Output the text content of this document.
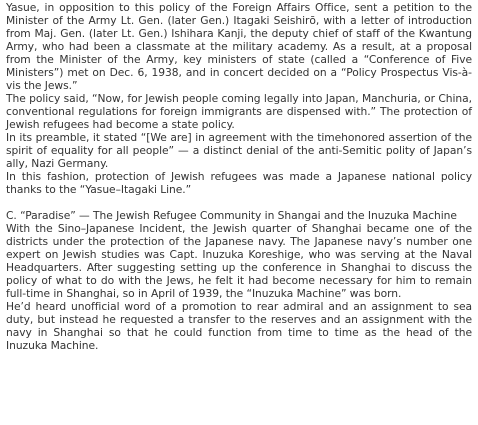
Yasue, in opposition to this policy of the Foreign Affairs Office, sent a petition to the Minister of the Army Lt. Gen. (later Gen.) Itagaki Seishirō, with a letter of introduction from Maj. Gen. (later Lt. Gen.) Ishihara Kanji, the deputy chief of staff of the Kwantung Army, who had been a classmate at the military academy. As a result, at a proposal from the Minister of the Army, key ministers of state (called a “Conference of Five Ministers”) met on Dec. 6, 1938, and in concert decided on a “Policy Prospectus Vis-à-vis the Jews.”

The policy said, “Now, for Jewish people coming legally into Japan, Manchuria, or China, conventional regulations for foreign immigrants are dispensed with.” The protection of Jewish refugees had become a state policy.

In its preamble, it stated “[We are] in agreement with the timehonored assertion of the spirit of equality for all people” — a distinct denial of the anti-Semitic polity of Japan’s ally, Nazi Germany.

In this fashion, protection of Jewish refugees was made a Japanese national policy thanks to the “Yasue–Itagaki Line.”

C. “Paradise” — The Jewish Refugee Community in Shangai and the Inuzuka Machine

With the Sino–Japanese Incident, the Jewish quarter of Shanghai became one of the districts under the protection of the Japanese navy. The Japanese navy’s number one expert on Jewish studies was Capt. Inuzuka Koreshige, who was serving at the Naval Headquarters. After suggesting setting up the conference in Shanghai to discuss the policy of what to do with the Jews, he felt it had become necessary for him to remain full-time in Shanghai, so in April of 1939, the “Inuzuka Machine” was born.

He’d heard unofficial word of a promotion to rear admiral and an assignment to sea duty, but instead he requested a transfer to the reserves and an assignment with the navy in Shanghai so that he could function from time to time as the head of the Inuzuka Machine.
